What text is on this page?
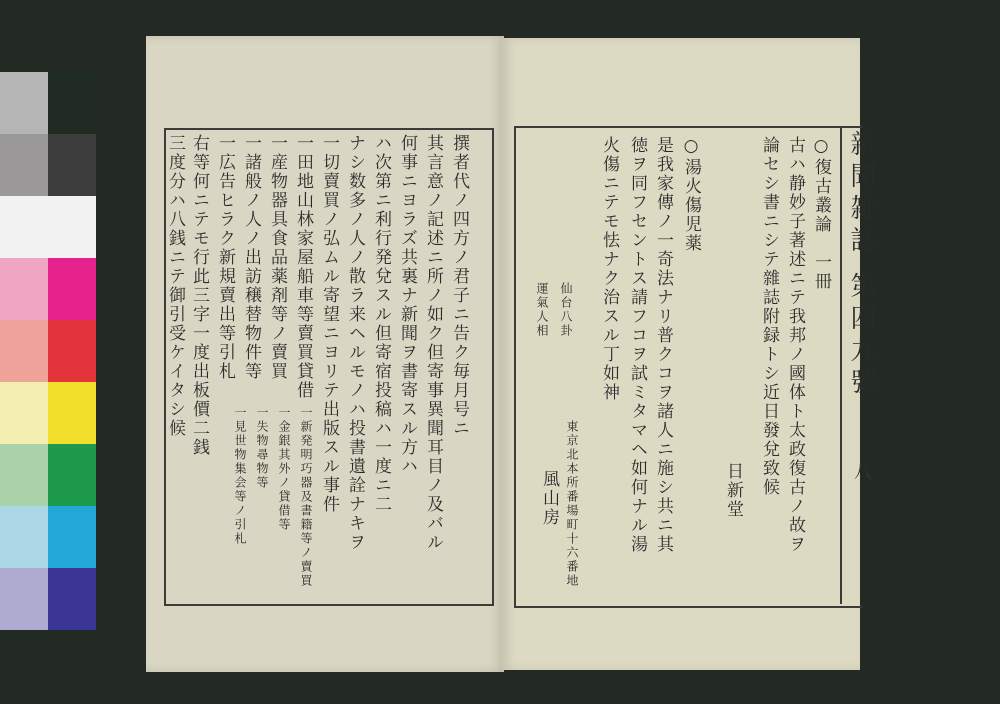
新聞雑誌 第四九號
八
撰者代ノ四方ノ君子ニ告ク毎月号ニ
其言意ノ記述ニ所ノ如ク但寄事異聞耳目ノ及バル
何事ニヨラズ共裏ナ新聞ヲ書寄スル方ハ
ハ次第ニ利行発兌スル但寄宿投稿ハ一度ニ二
ナシ数多ノ人ノ散ラ来ヘルモノハ投書遺詮ナキヲ
一切賣買ノ弘ムル寄望ニヨリテ出版スル事件
一田地山林家屋船車等賣買貸借
一産物器具食品薬剤等ノ賣買
一諸般ノ人ノ出訪穣替物件等
一広告ヒラク新規賣出等引札
右等何ニテモ行此三字一度出板價二銭
三度分ハ八銭ニテ御引受ケイタシ候
一新発明巧器及書籍等ノ賣買
一金銀其外ノ貸借等
一失物尋物等
一見世物集会等ノ引札
○復古叢論　一冊
古ハ静妙子著述ニテ我邦ノ國体ト太政復古ノ故ヲ
論セシ書ニシテ雜誌附録トシ近日發兌致候
日新堂
○湯火傷児薬
是我家傳ノ一奇法ナリ普クコヲ諸人ニ施シ共ニ其
徳ヲ同フセントス請フコヲ試ミタマヘ如何ナル湯
火傷ニテモ怯ナク治スル丁如神
仙台八卦
運氣人相
東京北本所番場町十六番地
風山房
